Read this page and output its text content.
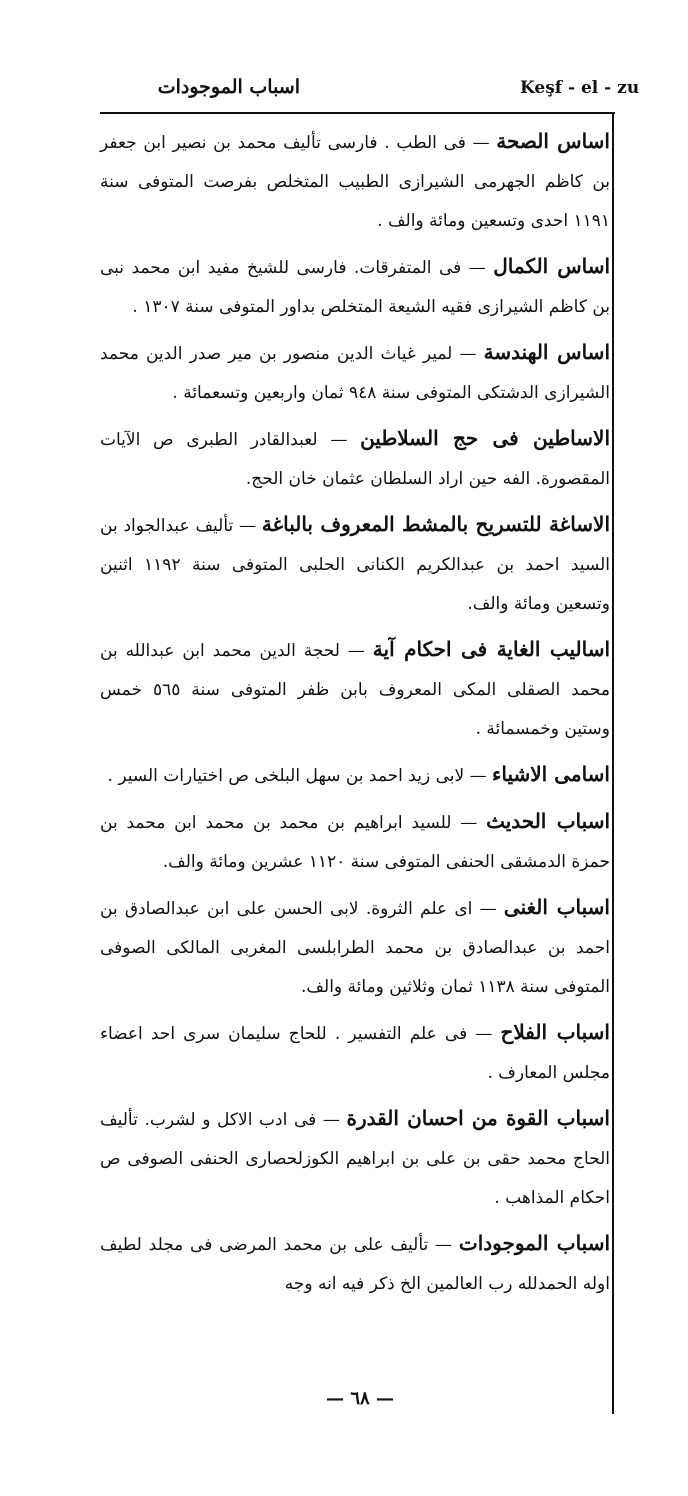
اسباب الموجودات	Keşf - el - zu

اساس الصحة — فى الطب . فارسى تأليف محمد بن نصير ابن جعفر بن كاظم الجهرمى الشيرازى الطبيب المتخلص بفرصت المتوفى سنة ١١٩١ احدى وتسعين ومائة والف .

اساس الكمال — فى المتفرقات. فارسى للشيخ مفيد ابن محمد نبى بن كاظم الشيرازى فقيه الشيعة المتخلص بداور المتوفى سنة ١٣٠٧ .

اساس الهندسة — لمير غياث الدين منصور بن مير صدر الدين محمد الشيرازى الدشتكى المتوفى سنة ٩٤٨ ثمان واربعين وتسعمائة .

الاساطين فى حج السلاطين — لعبدالقادر الطبرى ص الآيات المقصورة. الفه حين اراد السلطان عثمان خان الحج.

الاساغة للتسريح بالمشط المعروف بالباغة — تأليف عبدالجواد بن السيد احمد بن عبدالكريم الكنانى الحلبى المتوفى سنة ١١٩٢ اثنين وتسعين ومائة والف.

اساليب الغاية فى احكام آية — لحجة الدين محمد ابن عبدالله بن محمد الصقلى المكى المعروف بابن ظفر المتوفى سنة ٥٦٥ خمس وستين وخمسمائة .

اسامى الاشياء — لابى زيد احمد بن سهل البلخى ص اختيارات السير .

اسباب الحديث — للسيد ابراهيم بن محمد بن محمد ابن محمد بن حمزة الدمشقى الحنفى المتوفى سنة ١١٢٠ عشرين ومائة والف.

اسباب الغنى — اى علم الثروة. لابى الحسن على ابن عبدالصادق بن احمد بن عبدالصادق بن محمد الطرابلسى المغربى المالكى الصوفى المتوفى سنة ١١٣٨ ثمان وثلاثين ومائة والف.

اسباب الفلاح — فى علم التفسير . للحاج سليمان سرى احد اعضاء مجلس المعارف .

اسباب القوة من احسان القدرة — فى ادب الاكل و لشرب. تأليف الحاج محمد حقى بن على بن ابراهيم الكوزلحصارى الحنفى الصوفى ص احكام المذاهب .

اسباب الموجودات — تأليف على بن محمد المرضى فى مجلد لطيف اوله الحمدلله رب العالمين الخ ذكر فيه انه وجه

— ٦٨ —
